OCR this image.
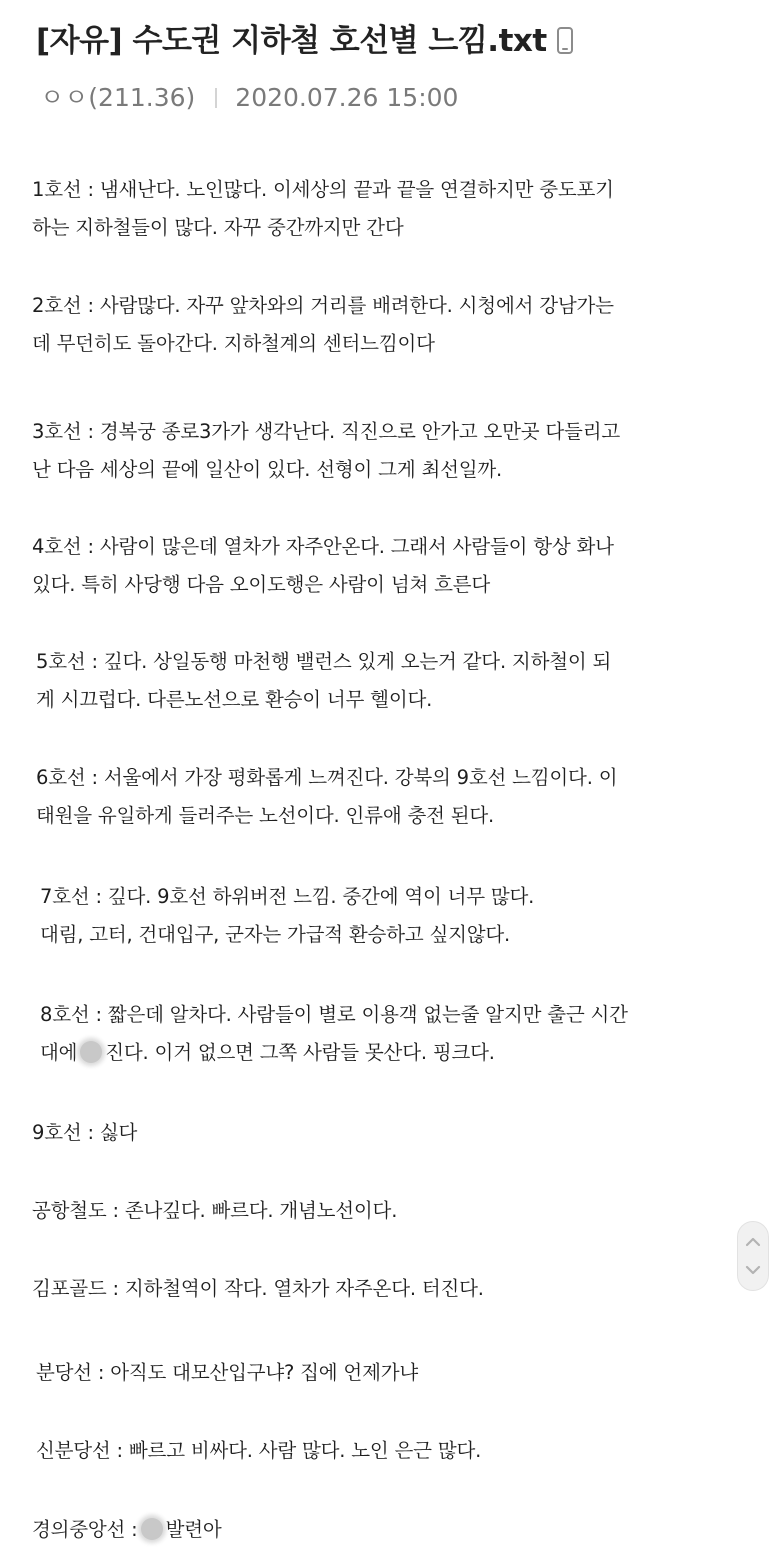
[자유] 수도권 지하철 호선별 느낌.txt
ㅇㅇ(211.36) 2020.07.26 15:00
1호선 : 냄새난다. 노인많다. 이세상의 끝과 끝을 연결하지만 중도포기
하는 지하철들이 많다. 자꾸 중간까지만 간다
2호선 : 사람많다. 자꾸 앞차와의 거리를 배려한다. 시청에서 강남가는
데 무던히도 돌아간다. 지하철계의 센터느낌이다
3호선 : 경복궁 종로3가가 생각난다. 직진으로 안가고 오만곳 다들리고
난 다음 세상의 끝에 일산이 있다. 선형이 그게 최선일까.
4호선 : 사람이 많은데 열차가 자주안온다. 그래서 사람들이 항상 화나
있다. 특히 사당행 다음 오이도행은 사람이 넘쳐 흐른다
5호선 : 깊다. 상일동행 마천행 밸런스 있게 오는거 같다. 지하철이 되
게 시끄럽다. 다른노선으로 환승이 너무 헬이다.
6호선 : 서울에서 가장 평화롭게 느껴진다. 강북의 9호선 느낌이다. 이
태원을 유일하게 들러주는 노선이다. 인류애 충전 된다.
7호선 : 깊다. 9호선 하위버전 느낌. 중간에 역이 너무 많다.
대림, 고터, 건대입구, 군자는 가급적 환승하고 싶지않다.
8호선 : 짧은데 알차다. 사람들이 별로 이용객 없는줄 알지만 출근 시간
대에 진다. 이거 없으면 그쪽 사람들 못산다. 핑크다.
9호선 : 싫다
공항철도 : 존나깊다. 빠르다. 개념노선이다.
김포골드 : 지하철역이 작다. 열차가 자주온다. 터진다.
분당선 : 아직도 대모산입구냐? 집에 언제가냐
신분당선 : 빠르고 비싸다. 사람 많다. 노인 은근 많다.
경의중앙선 : 발련아
